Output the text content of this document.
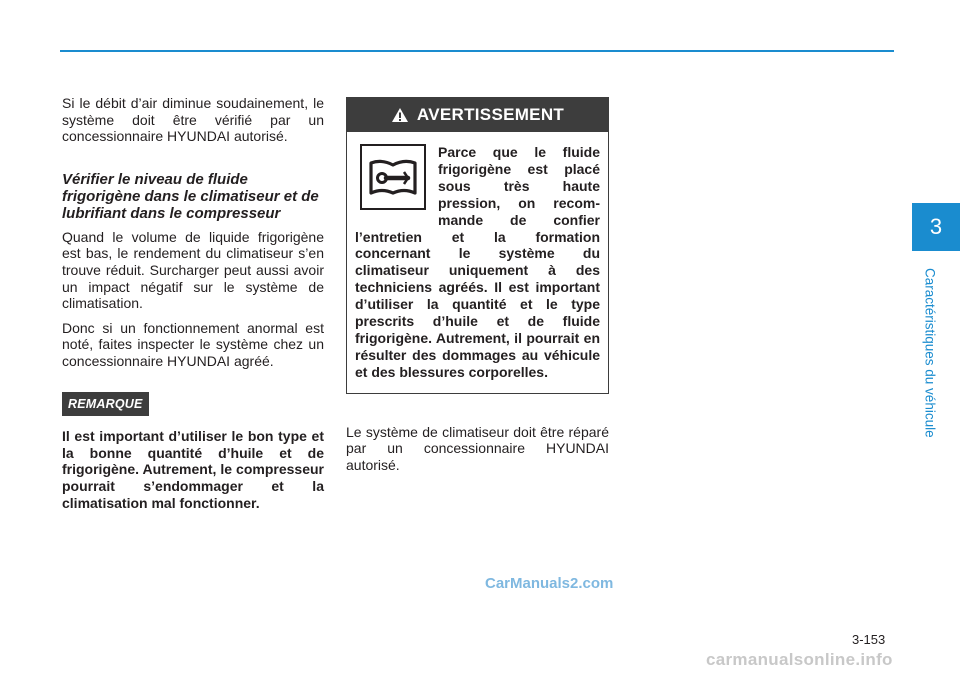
3
Caractéristiques du véhicule

Si le débit d’air diminue soudainement, le système doit être vérifié par un concessionnaire HYUNDAI autorisé.

Vérifier le niveau de fluide frigorigène dans le climatiseur et de lubrifiant dans le compresseur

Quand le volume de liquide frigorigène est bas, le rendement du climatiseur s’en trouve réduit. Surcharger peut aussi avoir un impact négatif sur le système de climatisation.

Donc si un fonctionnement anormal est noté, faites inspecter le système chez un concessionnaire HYUNDAI agréé.

REMARQUE

Il est important d’utiliser le bon type et la bonne quantité d’huile et de frigorigène. Autrement, le compresseur pourrait s’endommager et la climatisation mal fonctionner.

AVERTISSEMENT
Parce que le fluide frigorigène est placé sous très haute pression, on recom-mande de confier l’entretien et la formation concernant le système du climatiseur uniquement à des techniciens agréés. Il est important d’utiliser la quantité et le type prescrits d’huile et de fluide frigorigène. Autrement, il pourrait en résulter des dommages au véhicule et des blessures corporelles.

Le système de climatiseur doit être réparé par un concessionnaire HYUNDAI autorisé.

CarManuals2.com
3-153
carmanualsonline.info
